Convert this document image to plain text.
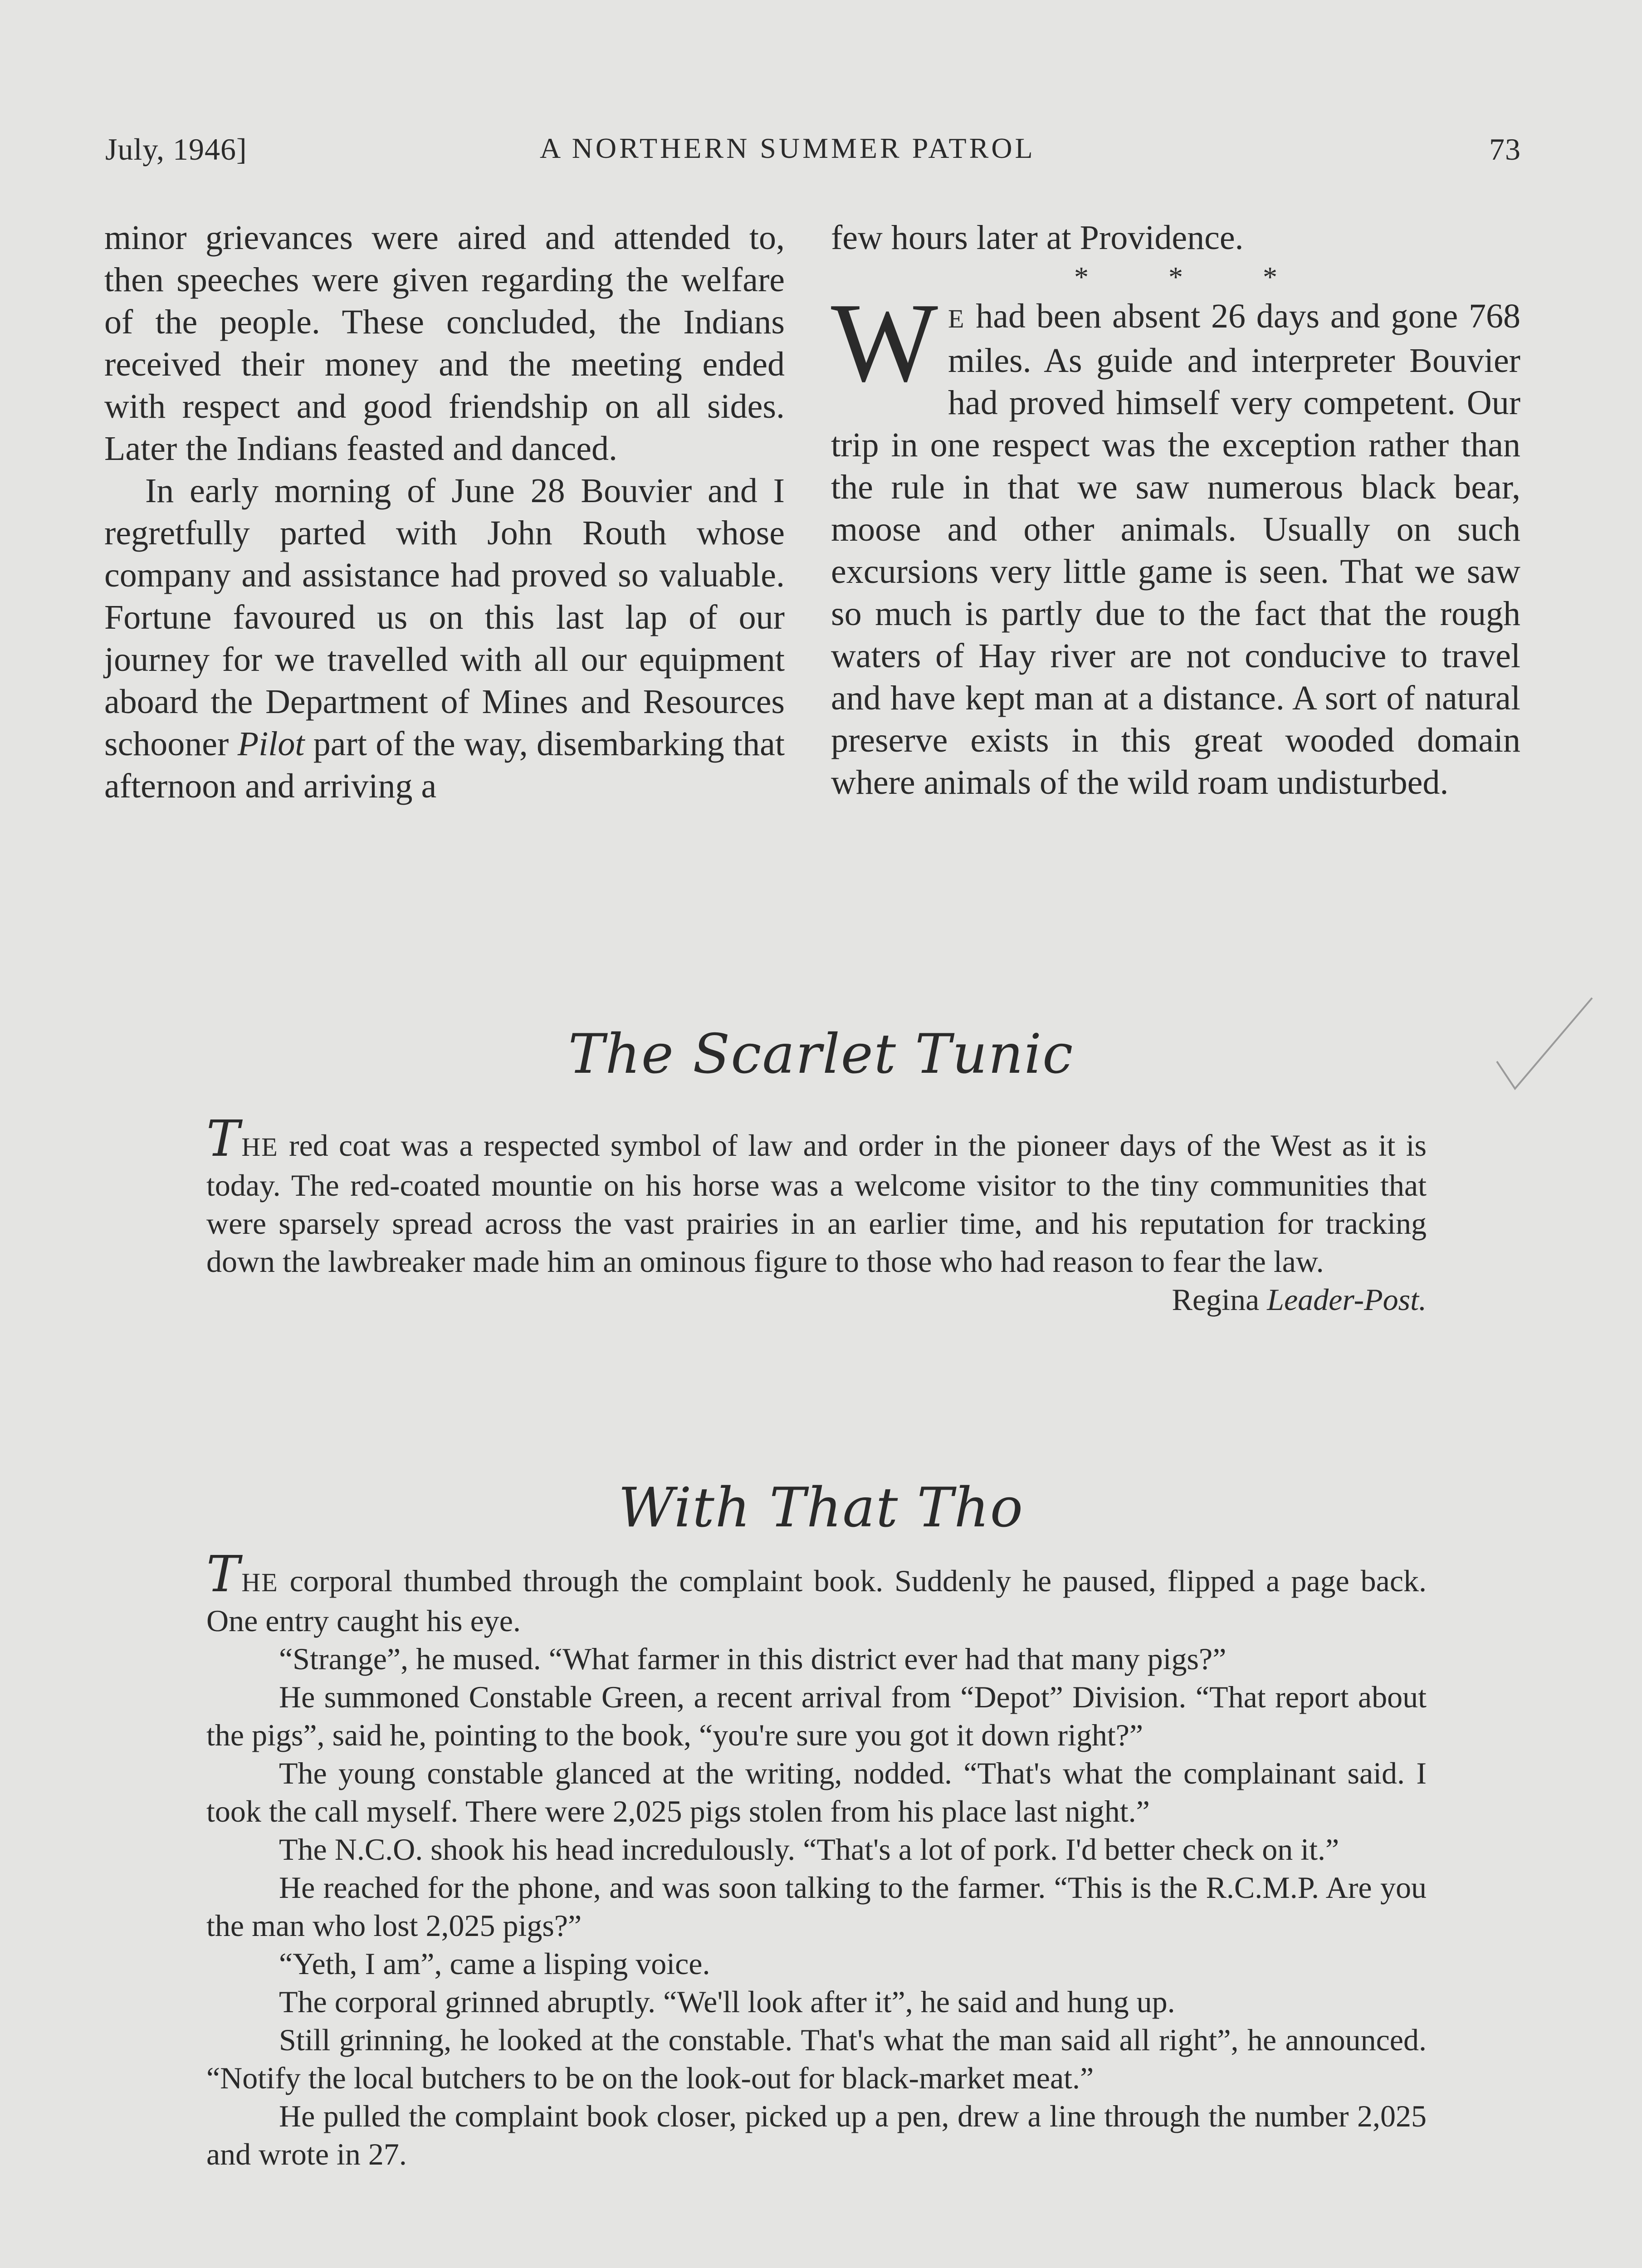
July, 1946]	A NORTHERN SUMMER PATROL	73

minor grievances were aired and attended to, then speeches were given regarding the welfare of the people. These concluded, the Indians received their money and the meeting ended with respect and good friendship on all sides. Later the Indians feasted and danced.

In early morning of June 28 Bouvier and I regretfully parted with John Routh whose company and assistance had proved so valuable. Fortune favoured us on this last lap of our journey for we travelled with all our equipment aboard the Department of Mines and Resources schooner Pilot part of the way, disembarking that afternoon and arriving a

few hours later at Providence.

* * *

W E had been absent 26 days and gone 768 miles. As guide and interpreter Bouvier had proved himself very competent. Our trip in one respect was the exception rather than the rule in that we saw numerous black bear, moose and other animals. Usually on such excursions very little game is seen. That we saw so much is partly due to the fact that the rough waters of Hay river are not conducive to travel and have kept man at a distance. A sort of natural preserve exists in this great wooded domain where animals of the wild roam undisturbed.

The Scarlet Tunic

THE red coat was a respected symbol of law and order in the pioneer days of the West as it is today. The red-coated mountie on his horse was a welcome visitor to the tiny communities that were sparsely spread across the vast prairies in an earlier time, and his reputation for tracking down the lawbreaker made him an ominous figure to those who had reason to fear the law.

Regina Leader-Post.

With That Tho

THE corporal thumbed through the complaint book. Suddenly he paused, flipped a page back. One entry caught his eye.

“Strange”, he mused. “What farmer in this district ever had that many pigs?”

He summoned Constable Green, a recent arrival from “Depot” Division. “That report about the pigs”, said he, pointing to the book, “you're sure you got it down right?”

The young constable glanced at the writing, nodded. “That's what the complainant said. I took the call myself. There were 2,025 pigs stolen from his place last night.”

The N.C.O. shook his head incredulously. “That's a lot of pork. I'd better check on it.”

He reached for the phone, and was soon talking to the farmer. “This is the R.C.M.P. Are you the man who lost 2,025 pigs?”

“Yeth, I am”, came a lisping voice.

The corporal grinned abruptly. “We'll look after it”, he said and hung up.

Still grinning, he looked at the constable. That's what the man said all right”, he announced. “Notify the local butchers to be on the look-out for black-market meat.”

He pulled the complaint book closer, picked up a pen, drew a line through the number 2,025 and wrote in 27.
